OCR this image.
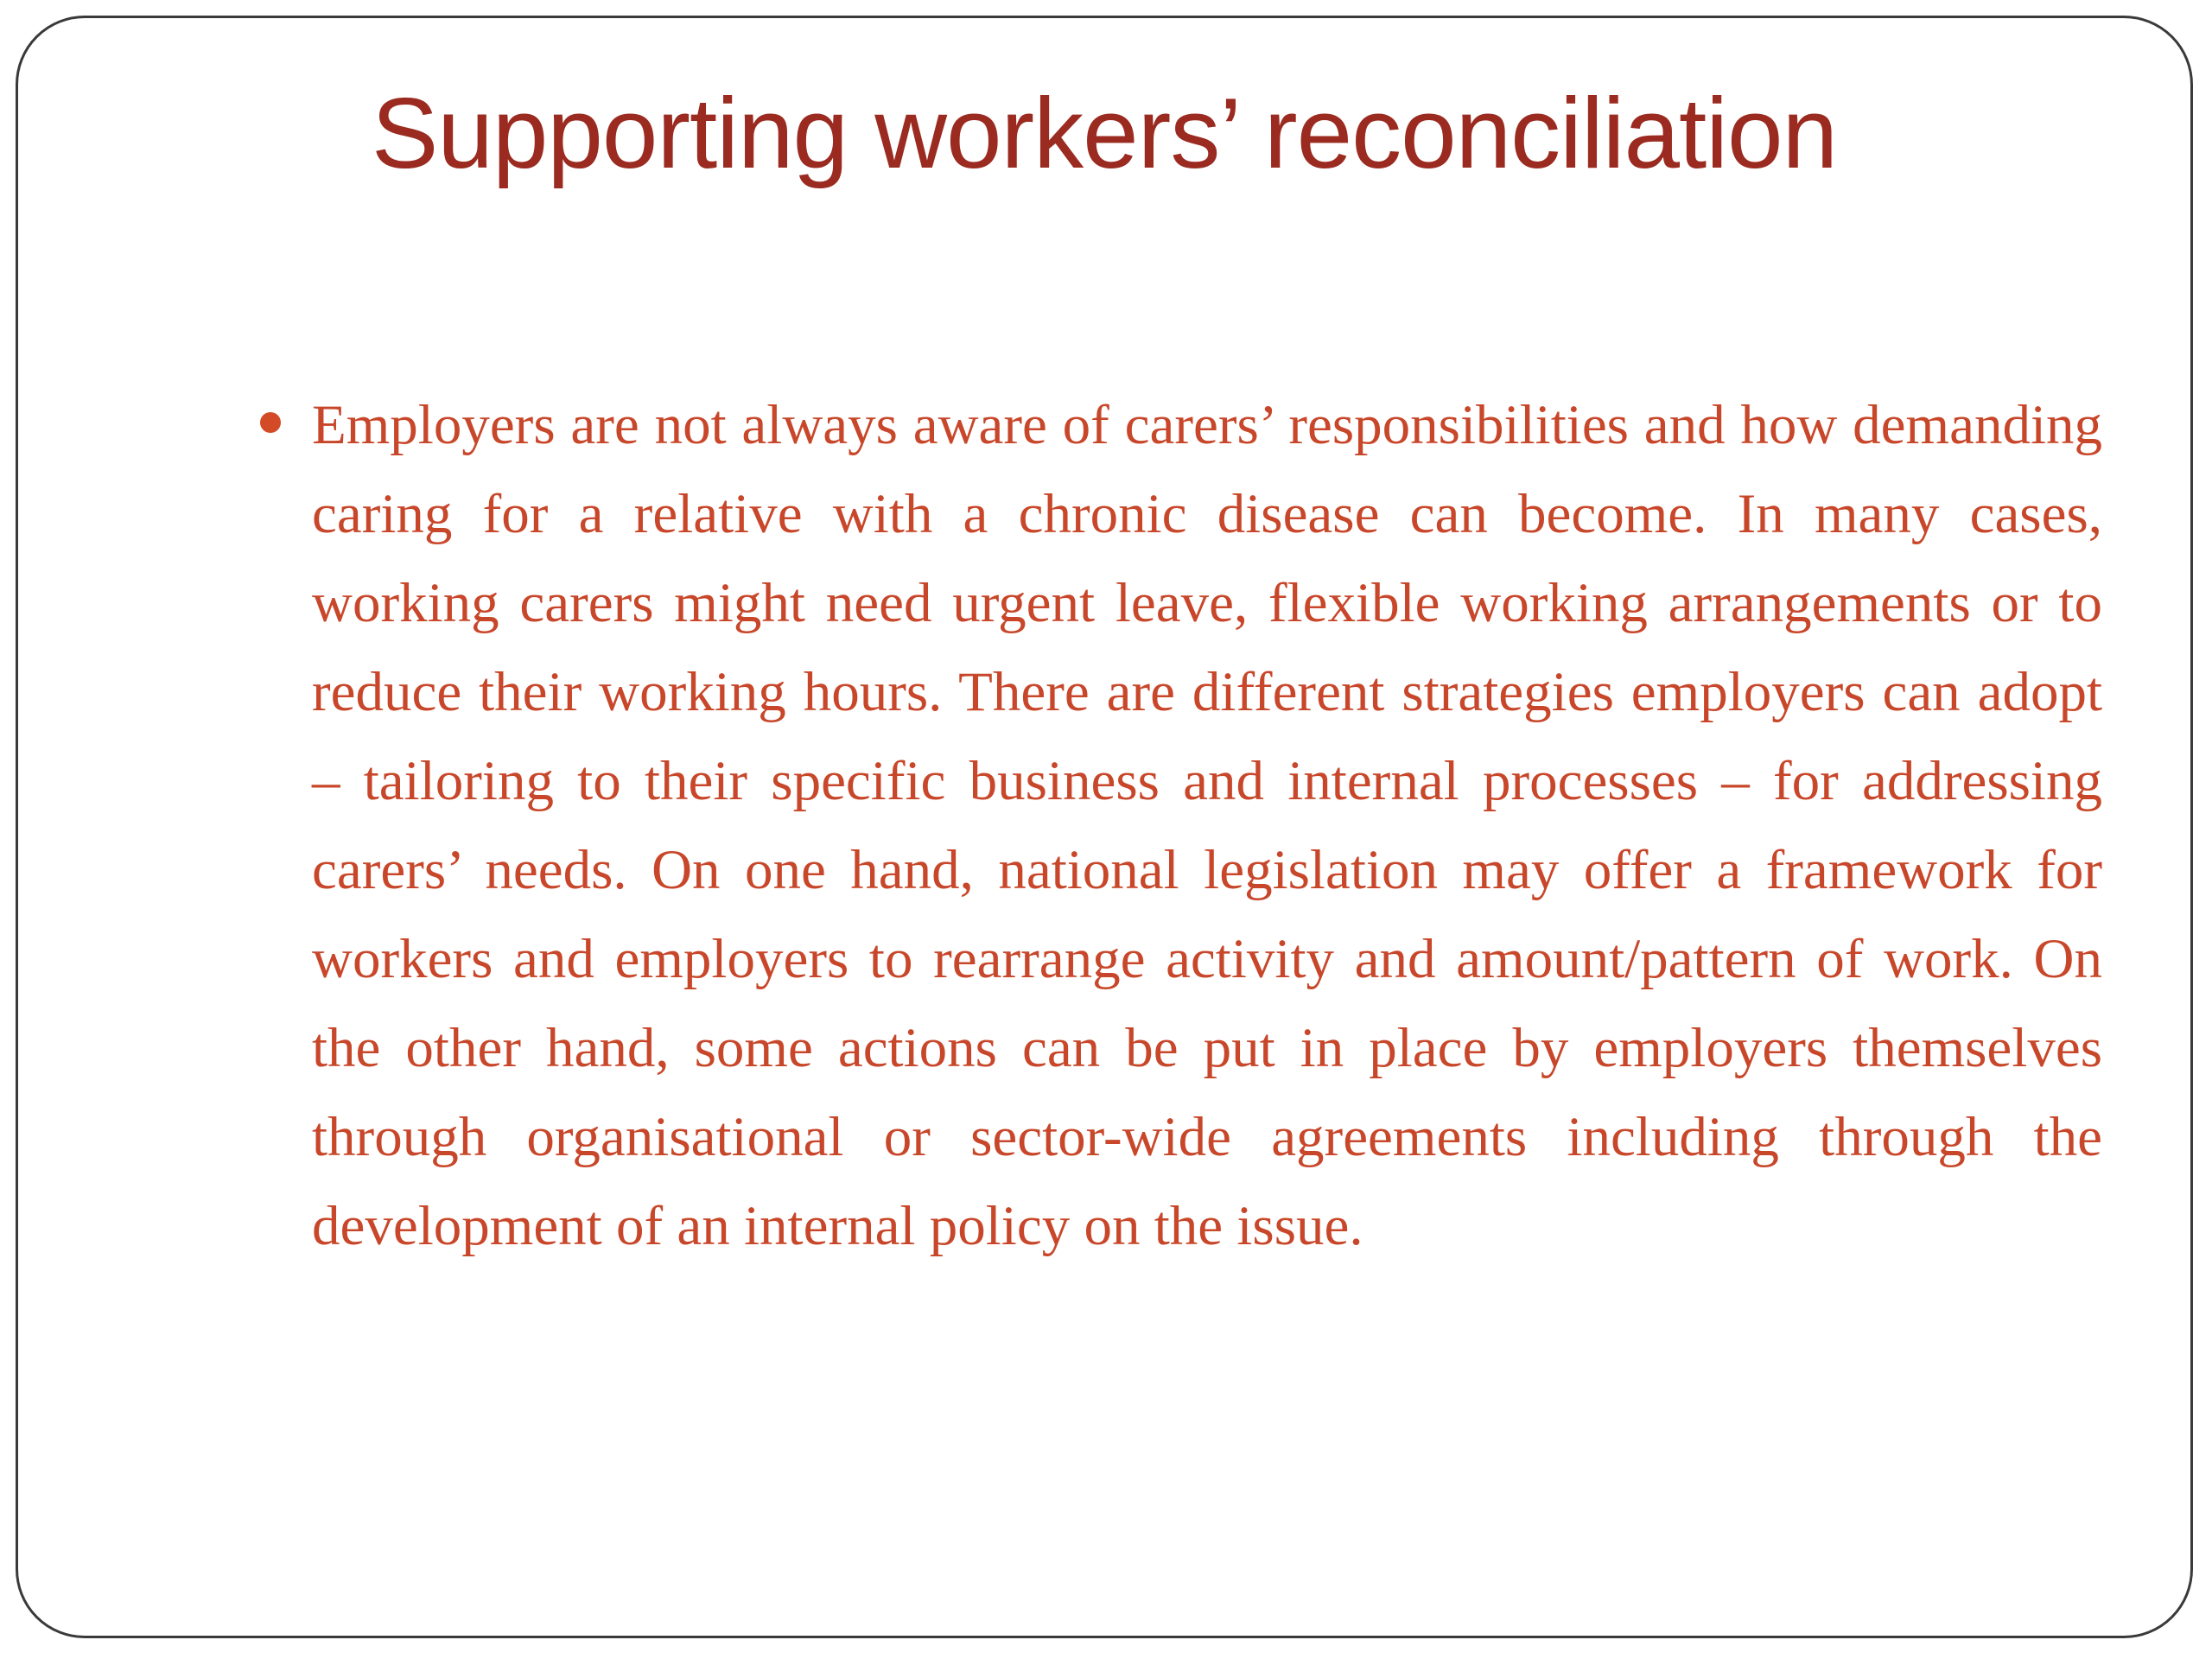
Supporting workers’ reconciliation
Employers are not always aware of carers’ responsibilities and how demanding caring for a relative with a chronic disease can become. In many cases, working carers might need urgent leave, flexible working arrangements or to reduce their working hours. There are different strategies employers can adopt – tailoring to their specific business and internal processes – for addressing carers’ needs. On one hand, national legislation may offer a framework for workers and employers to rearrange activity and amount/pattern of work. On the other hand, some actions can be put in place by employers themselves through organisational or sector-wide agreements including through the development of an internal policy on the issue.
